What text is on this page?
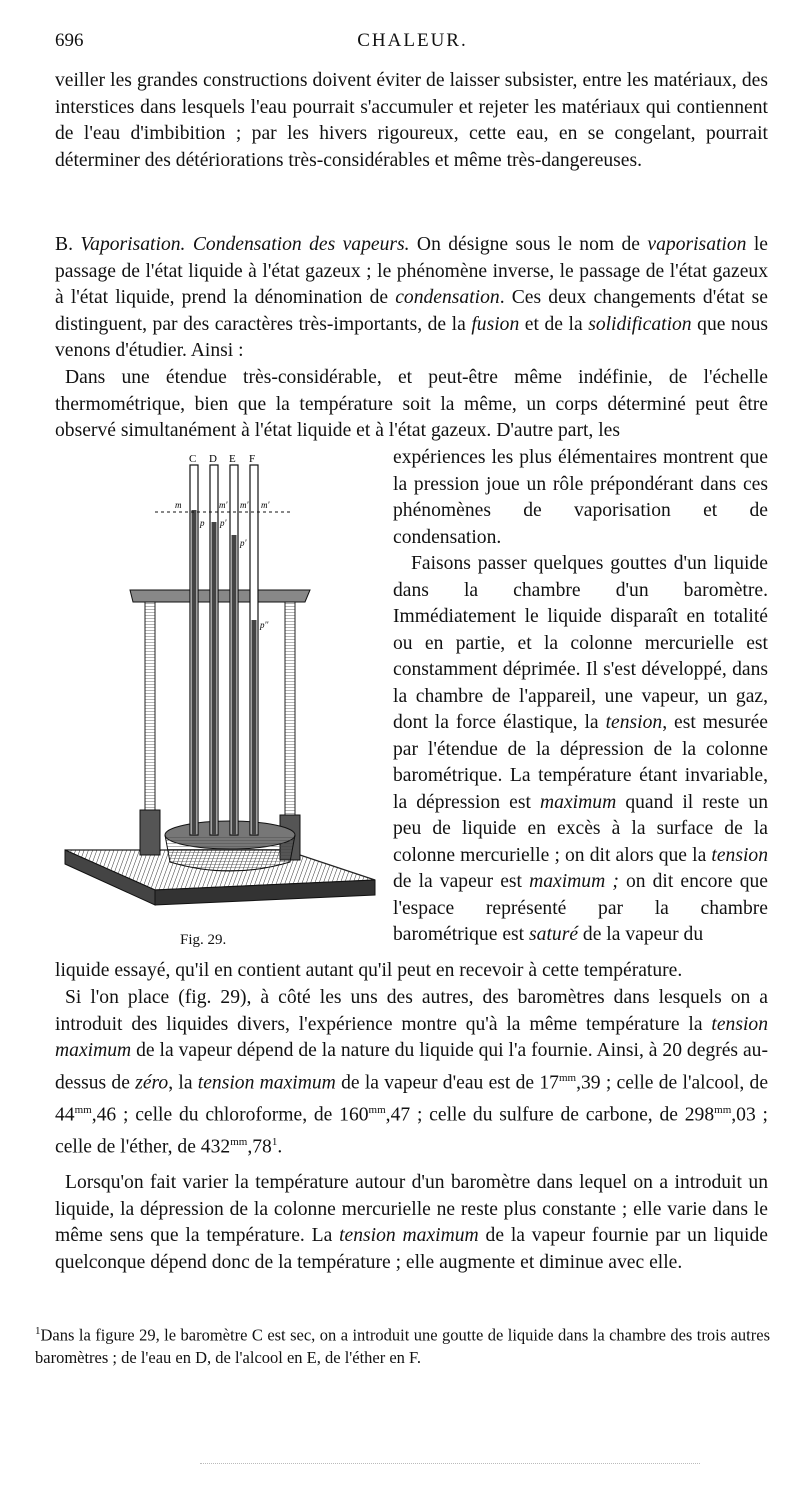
696	CHALEUR.

veiller les grandes constructions doivent éviter de laisser subsister, entre les matériaux, des interstices dans lesquels l'eau pourrait s'accumuler et rejeter les matériaux qui contiennent de l'eau d'imbibition ; par les hivers rigoureux, cette eau, en se congelant, pourrait déterminer des détériorations très-considérables et même très-dangereuses.

B. Vaporisation. Condensation des vapeurs. On désigne sous le nom de vaporisation le passage de l'état liquide à l'état gazeux ; le phénomène inverse, le passage de l'état gazeux à l'état liquide, prend la dénomination de condensation. Ces deux changements d'état se distinguent, par des caractères très-importants, de la fusion et de la solidification que nous venons d'étudier. Ainsi :

Dans une étendue très-considérable, et peut-être même indéfinie, de l'échelle thermométrique, bien que la température soit la même, un corps déterminé peut être observé simultanément à l'état liquide et à l'état gazeux. D'autre part, les

C D E F
m	m' m' m'
p p'
p'
p''
Fig. 29.

expériences les plus élémentaires montrent que la pression joue un rôle prépondérant dans ces phénomènes de vaporisation et de condensation.

Faisons passer quelques gouttes d'un liquide dans la chambre d'un baromètre. Immédiatement le liquide disparaît en totalité ou en partie, et la colonne mercurielle est constamment déprimée. Il s'est développé, dans la chambre de l'appareil, une vapeur, un gaz, dont la force élastique, la tension, est mesurée par l'étendue de la dépression de la colonne barométrique. La température étant invariable, la dépression est maximum quand il reste un peu de liquide en excès à la surface de la colonne mercurielle ; on dit alors que la tension de la vapeur est maximum ; on dit encore que l'espace représenté par la chambre barométrique est saturé de la vapeur du

liquide essayé, qu'il en contient autant qu'il peut en recevoir à cette température.

Si l'on place (fig. 29), à côté les uns des autres, des baromètres dans lesquels on a introduit des liquides divers, l'expérience montre qu'à la même température la tension maximum de la vapeur dépend de la nature du liquide qui l'a fournie. Ainsi, à 20 degrés au-dessus de zéro, la tension maximum de la vapeur d'eau est de $17^{mm},39$ ; celle de l'alcool, de $44^{mm},46$ ; celle du chloroforme, de $160^{mm},47$ ; celle du sulfure de carbone, de $298^{mm},03$ ; celle de l'éther, de $432^{mm},78^1$.

Lorsqu'on fait varier la température autour d'un baromètre dans lequel on a introduit un liquide, la dépression de la colonne mercurielle ne reste plus constante ; elle varie dans le même sens que la température. La tension maximum de la vapeur fournie par un liquide quelconque dépend donc de la température ; elle augmente et diminue avec elle.

$^1$Dans la figure 29, le baromètre C est sec, on a introduit une goutte de liquide dans la chambre des trois autres baromètres ; de l'eau en D, de l'alcool en E, de l'éther en F.
